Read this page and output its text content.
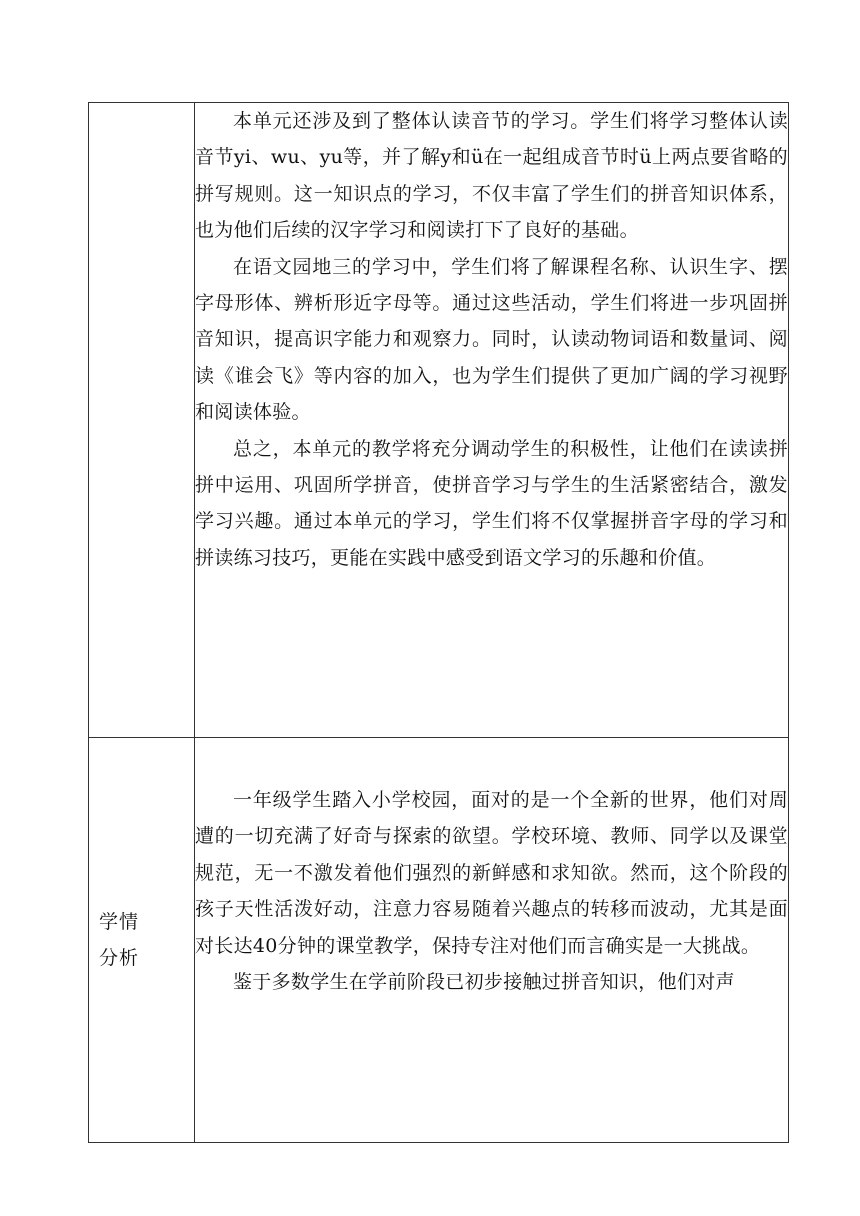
	本单元还涉及到了整体认读音节的学习。学生们将学习整体认读音节yi、wu、yu等，并了解y和ü在一起组成音节时ü上两点要省略的拼写规则。这一知识点的学习，不仅丰富了学生们的拼音知识体系，也为他们后续的汉字学习和阅读打下了良好的基础。

在语文园地三的学习中，学生们将了解课程名称、认识生字、摆字母形体、辨析形近字母等。通过这些活动，学生们将进一步巩固拼音知识，提高识字能力和观察力。同时，认读动物词语和数量词、阅读《谁会飞》等内容的加入，也为学生们提供了更加广阔的学习视野和阅读体验。

总之，本单元的教学将充分调动学生的积极性，让他们在读读拼拼中运用、巩固所学拼音，使拼音学习与学生的生活紧密结合，激发学习兴趣。通过本单元的学习，学生们将不仅掌握拼音字母的学习和拼读练习技巧，更能在实践中感受到语文学习的乐趣和价值。

学情分析	一年级学生踏入小学校园，面对的是一个全新的世界，他们对周遭的一切充满了好奇与探索的欲望。学校环境、教师、同学以及课堂规范，无一不激发着他们强烈的新鲜感和求知欲。然而，这个阶段的孩子天性活泼好动，注意力容易随着兴趣点的转移而波动，尤其是面对长达40分钟的课堂教学，保持专注对他们而言确实是一大挑战。

鉴于多数学生在学前阶段已初步接触过拼音知识，他们对声
